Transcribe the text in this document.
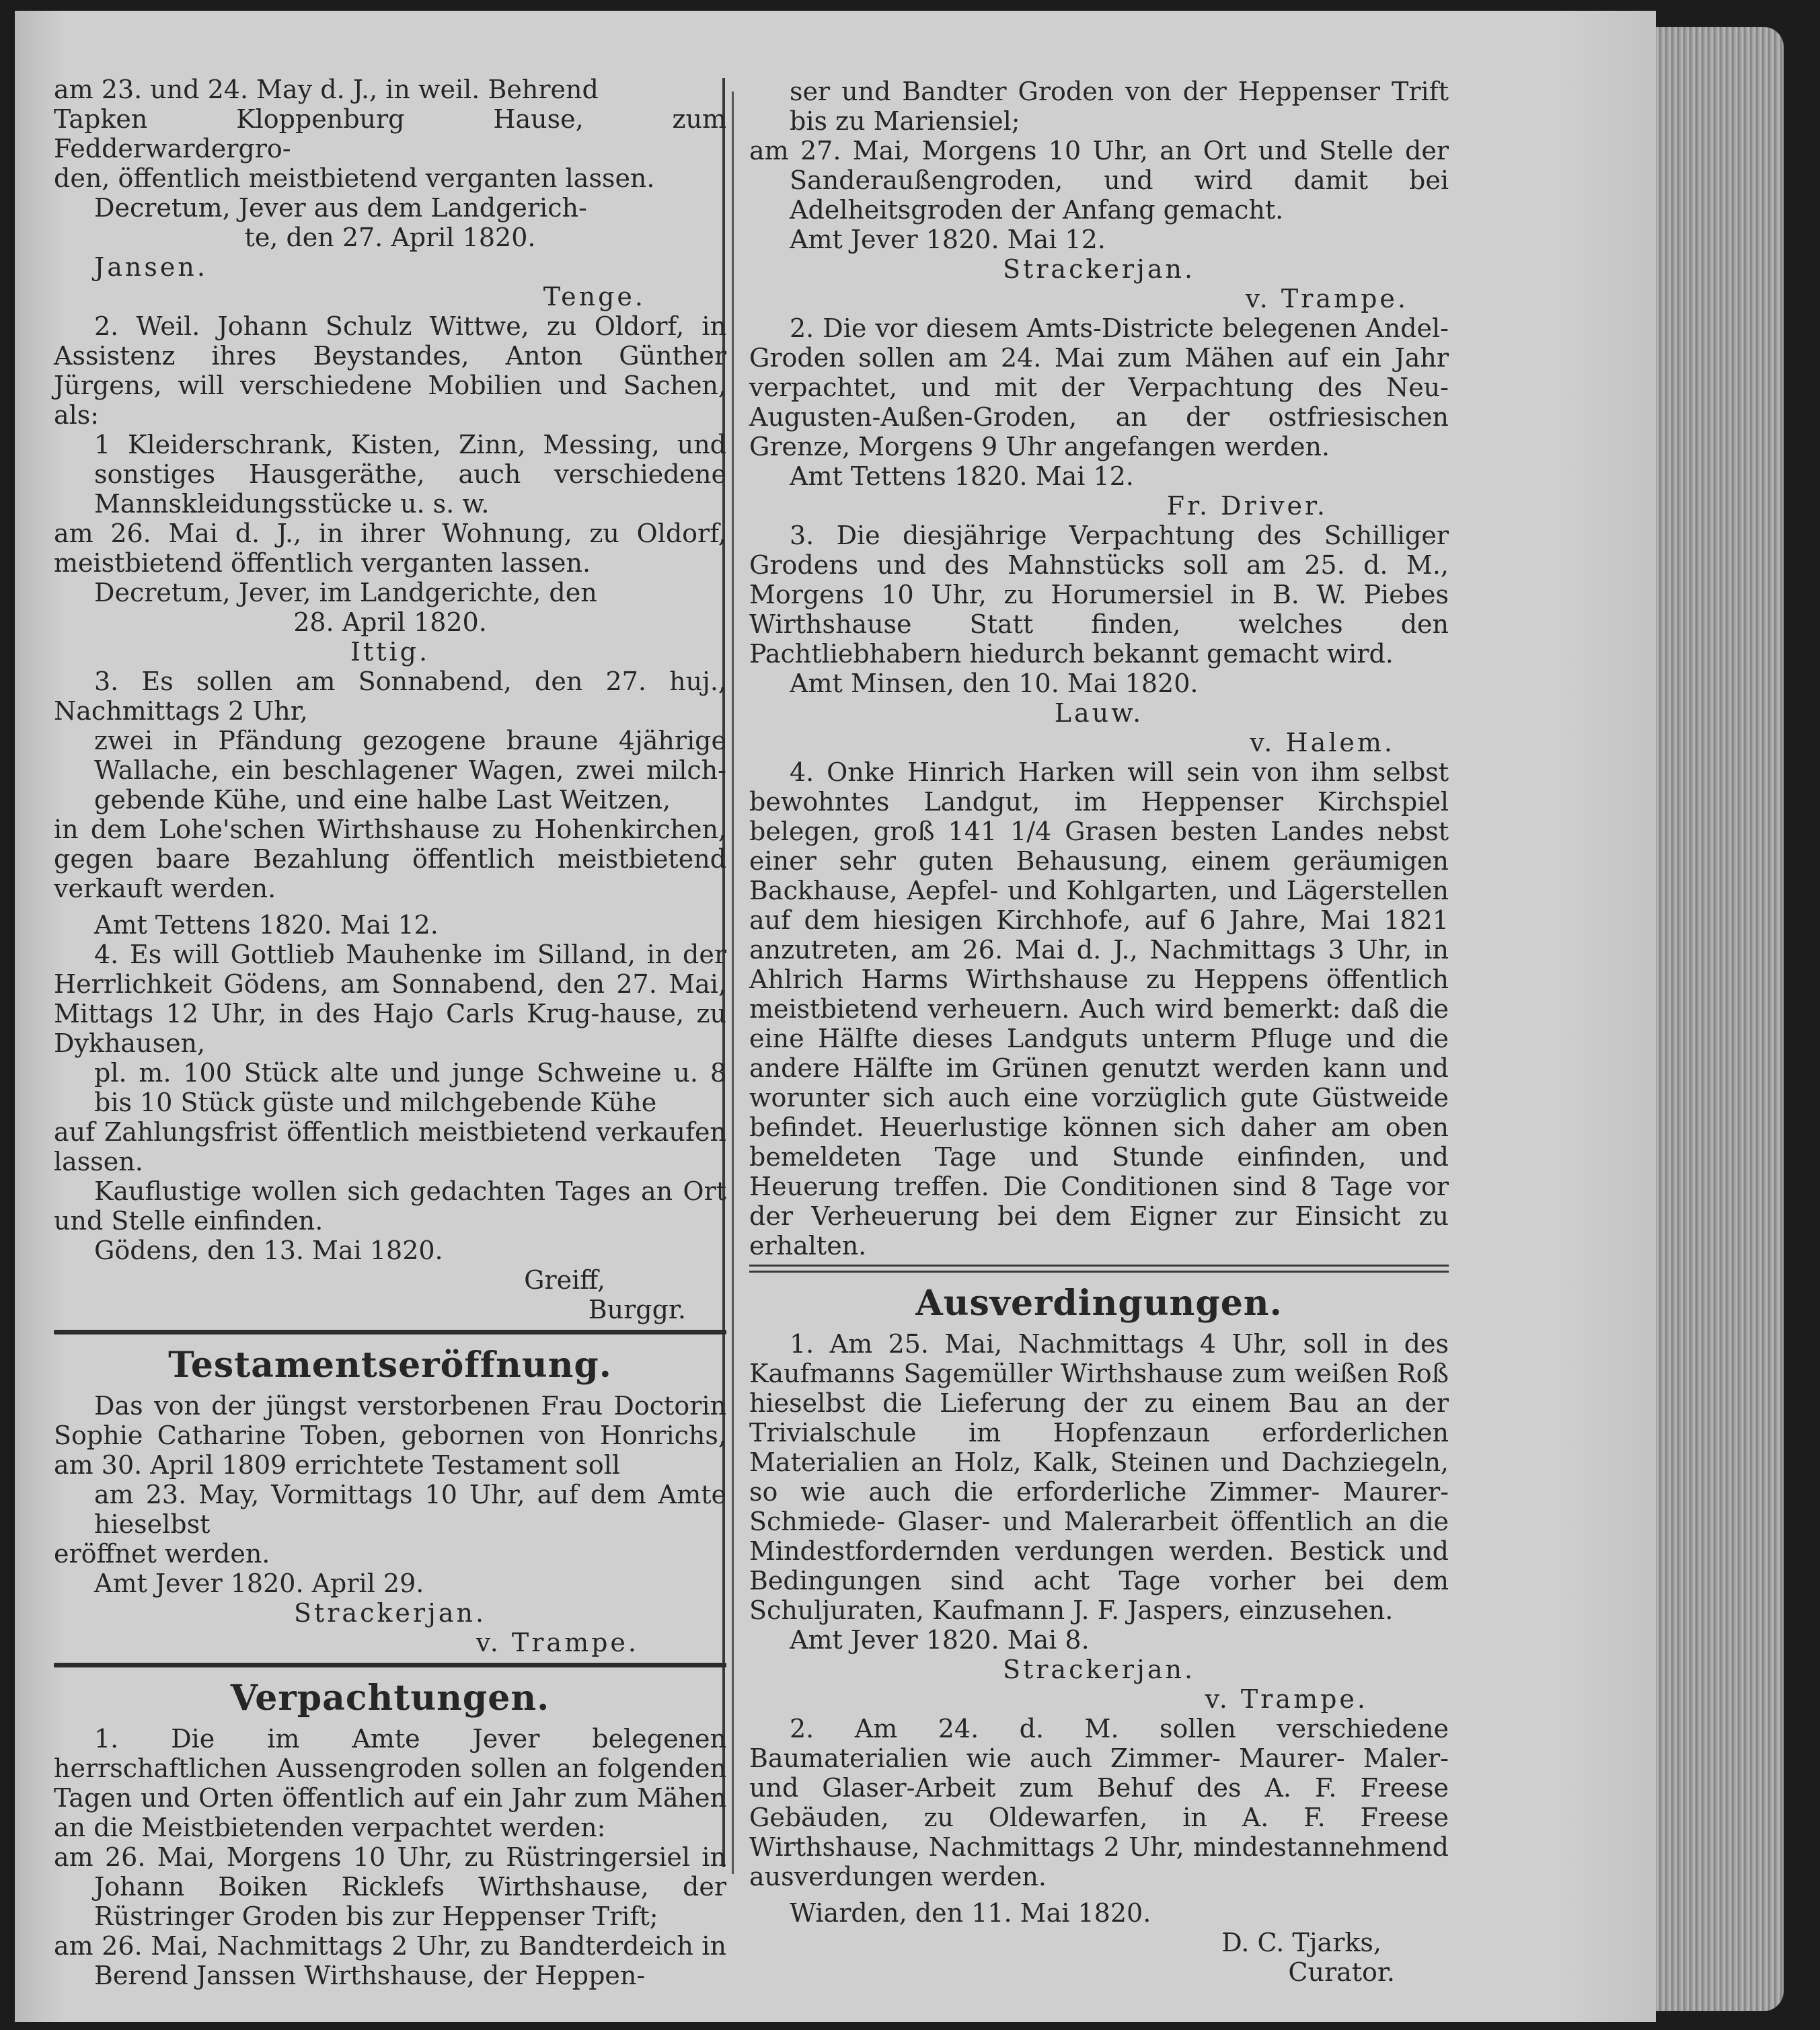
am 23. und 24. May d. J., in weil. Behrend

Tapken Kloppenburg Hause, zum Fedderwardergro-

den, öffentlich meistbietend verganten lassen.

Decretum, Jever aus dem Landgerich-

te, den 27. April 1820.

Jansen.

Tenge.

2. Weil. Johann Schulz Wittwe, zu Oldorf, in Assistenz ihres Beystandes, Anton Günther Jürgens, will verschiedene Mobilien und Sachen, als:

1 Kleiderschrank, Kisten, Zinn, Messing, und sonstiges Hausgeräthe, auch verschiedene Mannskleidungsstücke u. s. w.

am 26. Mai d. J., in ihrer Wohnung, zu Oldorf, meistbietend öffentlich verganten lassen.

Decretum, Jever, im Landgerichte, den

28. April 1820.

Ittig.

3. Es sollen am Sonnabend, den 27. huj., Nachmittags 2 Uhr,

zwei in Pfändung gezogene braune 4jährige Wallache, ein beschlagener Wagen, zwei milch-gebende Kühe, und eine halbe Last Weitzen,

in dem Lohe'schen Wirthshause zu Hohenkirchen, gegen baare Bezahlung öffentlich meistbietend verkauft werden.

Amt Tettens 1820. Mai 12.

4. Es will Gottlieb Mauhenke im Silland, in der Herrlichkeit Gödens, am Sonnabend, den 27. Mai, Mittags 12 Uhr, in des Hajo Carls Krug-hause, zu Dykhausen,

pl. m. 100 Stück alte und junge Schweine u. 8 bis 10 Stück güste und milchgebende Kühe

auf Zahlungsfrist öffentlich meistbietend verkaufen lassen.

Kauflustige wollen sich gedachten Tages an Ort und Stelle einfinden.

Gödens, den 13. Mai 1820.

Greiff,

Burggr.

Testamentseröffnung.

Das von der jüngst verstorbenen Frau Doctorin Sophie Catharine Toben, gebornen von Honrichs, am 30. April 1809 errichtete Testament soll

am 23. May, Vormittags 10 Uhr, auf dem Amte hieselbst

eröffnet werden.

Amt Jever 1820. April 29.

Strackerjan.

v. Trampe.

Verpachtungen.

1. Die im Amte Jever belegenen herrschaftlichen Aussengroden sollen an folgenden Tagen und Orten öffentlich auf ein Jahr zum Mähen an die Meistbietenden verpachtet werden:

am 26. Mai, Morgens 10 Uhr, zu Rüstringersiel in Johann Boiken Ricklefs Wirthshause, der Rüstringer Groden bis zur Heppenser Trift;

am 26. Mai, Nachmittags 2 Uhr, zu Bandterdeich in Berend Janssen Wirthshause, der Heppen-

ser und Bandter Groden von der Heppenser Trift bis zu Mariensiel;

am 27. Mai, Morgens 10 Uhr, an Ort und Stelle der Sanderaußengroden, und wird damit bei Adelheitsgroden der Anfang gemacht.

Amt Jever 1820. Mai 12.

Strackerjan.

v. Trampe.

2. Die vor diesem Amts-Districte belegenen Andel-Groden sollen am 24. Mai zum Mähen auf ein Jahr verpachtet, und mit der Verpachtung des Neu-Augusten-Außen-Groden, an der ostfriesischen Grenze, Morgens 9 Uhr angefangen werden.

Amt Tettens 1820. Mai 12.

Fr. Driver.

3. Die diesjährige Verpachtung des Schilliger Grodens und des Mahnstücks soll am 25. d. M., Morgens 10 Uhr, zu Horumersiel in B. W. Piebes Wirthshause Statt finden, welches den Pachtliebhabern hiedurch bekannt gemacht wird.

Amt Minsen, den 10. Mai 1820.

Lauw.

v. Halem.

4. Onke Hinrich Harken will sein von ihm selbst bewohntes Landgut, im Heppenser Kirchspiel belegen, groß 141 1/4 Grasen besten Landes nebst einer sehr guten Behausung, einem geräumigen Backhause, Aepfel- und Kohlgarten, und Lägerstellen auf dem hiesigen Kirchhofe, auf 6 Jahre, Mai 1821 anzutreten, am 26. Mai d. J., Nachmittags 3 Uhr, in Ahlrich Harms Wirthshause zu Heppens öffentlich meistbietend verheuern. Auch wird bemerkt: daß die eine Hälfte dieses Landguts unterm Pfluge und die andere Hälfte im Grünen genutzt werden kann und worunter sich auch eine vorzüglich gute Güstweide befindet. Heuerlustige können sich daher am oben bemeldeten Tage und Stunde einfinden, und Heuerung treffen. Die Conditionen sind 8 Tage vor der Verheuerung bei dem Eigner zur Einsicht zu erhalten.

Ausverdingungen.

1. Am 25. Mai, Nachmittags 4 Uhr, soll in des Kaufmanns Sagemüller Wirthshause zum weißen Roß hieselbst die Lieferung der zu einem Bau an der Trivialschule im Hopfenzaun erforderlichen Materialien an Holz, Kalk, Steinen und Dachziegeln, so wie auch die erforderliche Zimmer- Maurer- Schmiede- Glaser- und Malerarbeit öffentlich an die Mindestfordernden verdungen werden. Bestick und Bedingungen sind acht Tage vorher bei dem Schuljuraten, Kaufmann J. F. Jaspers, einzusehen.

Amt Jever 1820. Mai 8.

Strackerjan.

v. Trampe.

2. Am 24. d. M. sollen verschiedene Baumaterialien wie auch Zimmer- Maurer- Maler- und Glaser-Arbeit zum Behuf des A. F. Freese Gebäuden, zu Oldewarfen, in A. F. Freese Wirthshause, Nachmittags 2 Uhr, mindestannehmend ausverdungen werden.

Wiarden, den 11. Mai 1820.

D. C. Tjarks,

Curator.
